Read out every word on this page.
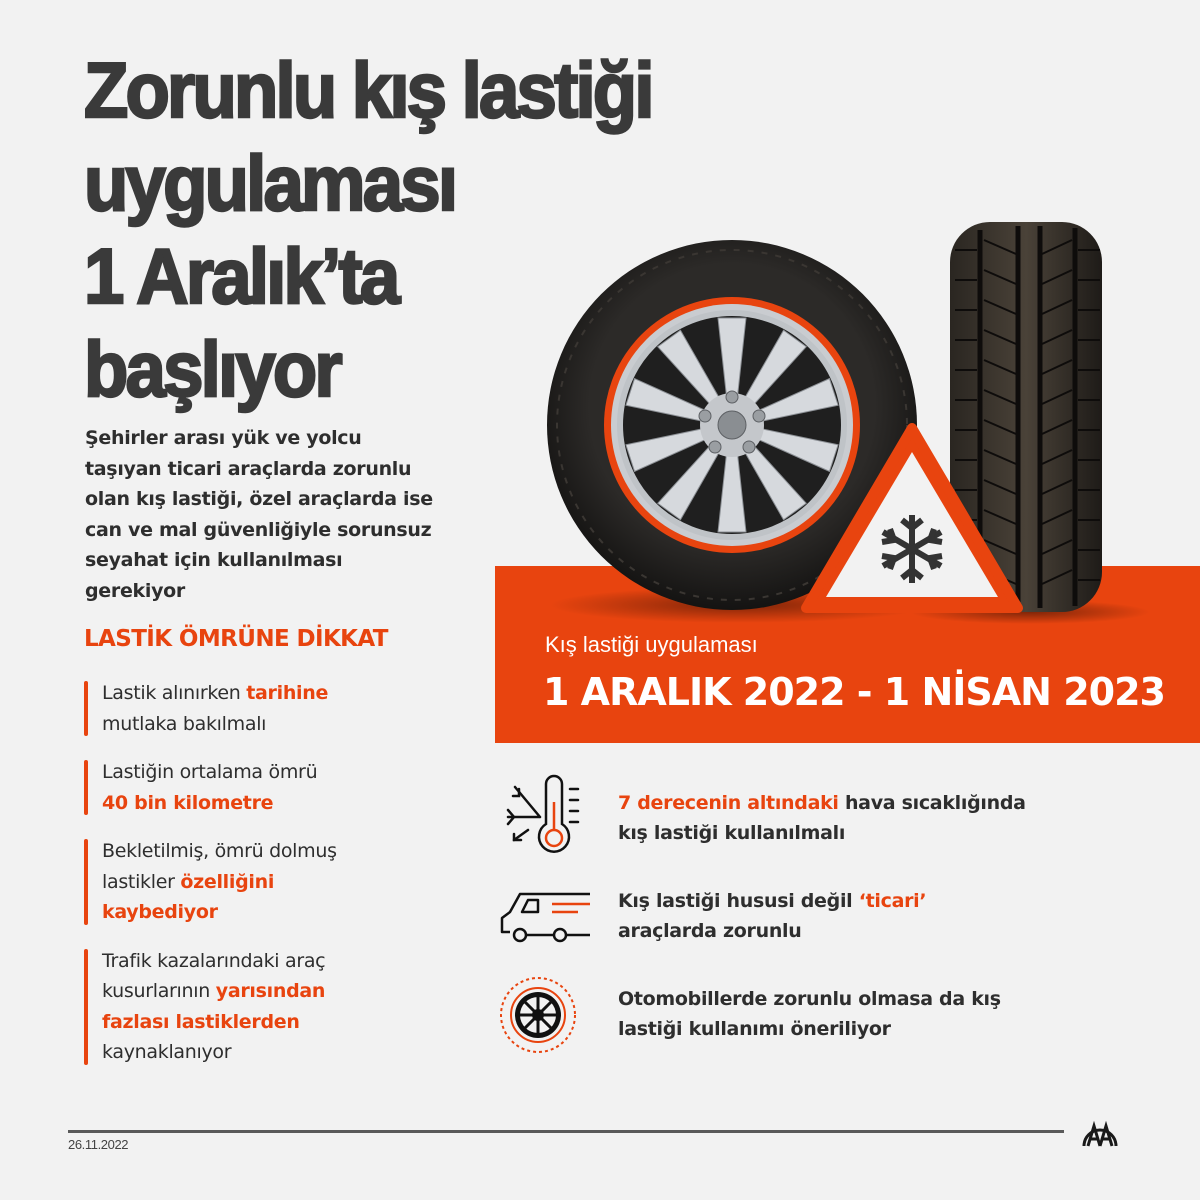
Zorunlu kış lastiği
uygulaması
1 Aralık’ta
başlıyor
Şehirler arası yük ve yolcu
taşıyan ticari araçlarda zorunlu
olan kış lastiği, özel araçlarda ise
can ve mal güvenliğiyle sorunsuz
seyahat için kullanılması
gerekiyor
LASTİK ÖMRÜNE DİKKAT
Lastik alınırken tarihine
mutlaka bakılmalı
Lastiğin ortalama ömrü
40 bin kilometre
Bekletilmiş, ömrü dolmuş lastikler özelliğini kaybediyor
Trafik kazalarındaki araç kusurlarının yarısından fazlası lastiklerden
kaynaklanıyor
Kış lastiği uygulaması
1 ARALIK 2022 - 1 NİSAN 2023
7 derecenin altındaki hava sıcaklığında
kış lastiği kullanılmalı
Kış lastiği hususi değil ‘ticari’
araçlarda zorunlu
Otomobillerde zorunlu olmasa da kış
lastiği kullanımı öneriliyor
26.11.2022
